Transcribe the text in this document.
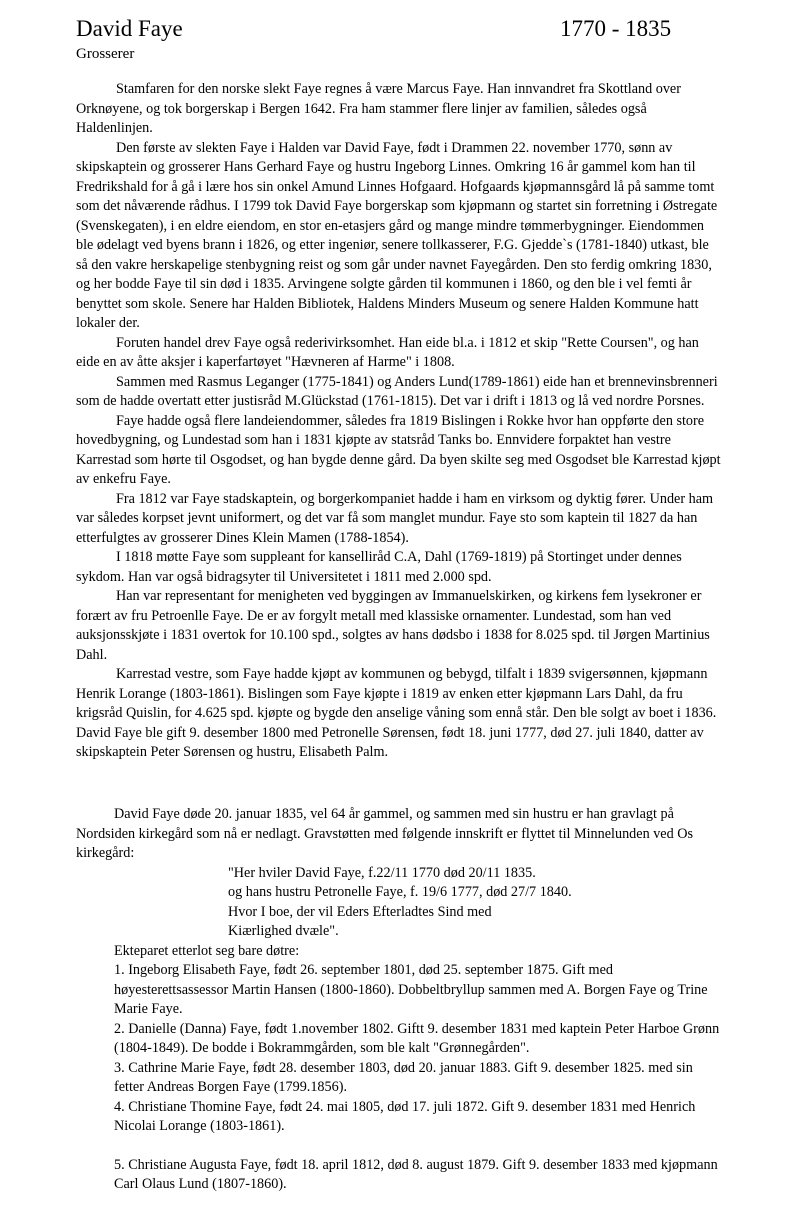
David Faye	1770 - 1835
Grosserer

Stamfaren for den norske slekt Faye regnes å være Marcus Faye. Han innvandret fra Skottland over Orknøyene, og tok borgerskap i Bergen 1642. Fra ham stammer flere linjer av familien, således også Haldenlinjen.

Den første av slekten Faye i Halden var David Faye, født i Drammen 22. november 1770, sønn av skipskaptein og grosserer Hans Gerhard Faye og hustru Ingeborg Linnes. Omkring 16 år gammel kom han til Fredrikshald for å gå i lære hos sin onkel Amund Linnes Hofgaard. Hofgaards kjøpmannsgård lå på samme tomt som det nåværende rådhus. I 1799 tok David Faye borgerskap som kjøpmann og startet sin forretning i Østregate (Svenskegaten), i en eldre eiendom, en stor en-etasjers gård og mange mindre tømmerbygninger. Eiendommen ble ødelagt ved byens brann i 1826, og etter ingeniør, senere tollkasserer, F.G. Gjedde`s (1781-1840) utkast, ble så den vakre herskapelige stenbygning reist og som går under navnet Fayegården. Den sto ferdig omkring 1830, og her bodde Faye til sin død i 1835. Arvingene solgte gården til kommunen i 1860, og den ble i vel femti år benyttet som skole. Senere har Halden Bibliotek, Haldens Minders Museum og senere Halden Kommune hatt lokaler der.

Foruten handel drev Faye også rederivirksomhet. Han eide bl.a. i 1812 et skip "Rette Coursen", og han eide en av åtte aksjer i kaperfartøyet "Hævneren af Harme" i 1808.

Sammen med Rasmus Leganger (1775-1841) og Anders Lund(1789-1861) eide han et brennevinsbrenneri som de hadde overtatt etter justisråd M.Glückstad (1761-1815). Det var i drift i 1813 og lå ved nordre Porsnes.

Faye hadde også flere landeiendommer, således fra 1819 Bislingen i Rokke hvor han oppførte den store hovedbygning, og Lundestad som han i 1831 kjøpte av statsråd Tanks bo. Ennvidere forpaktet han vestre Karrestad som hørte til Osgodset, og han bygde denne gård. Da byen skilte seg med Osgodset ble Karrestad kjøpt av enkefru Faye.

Fra 1812 var Faye stadskaptein, og borgerkompaniet hadde i ham en virksom og dyktig fører. Under ham var således korpset jevnt uniformert, og det var få som manglet mundur. Faye sto som kaptein til 1827 da han etterfulgtes av grosserer Dines Klein Mamen (1788-1854).

I 1818 møtte Faye som suppleant for kanselliråd C.A, Dahl (1769-1819) på Stortinget under dennes sykdom. Han var også bidragsyter til Universitetet i 1811 med 2.000 spd.

Han var representant for menigheten ved byggingen av Immanuelskirken, og kirkens fem lysekroner er forært av fru Petroenlle Faye. De er av forgylt metall med klassiske ornamenter. Lundestad, som han ved auksjonsskjøte i 1831 overtok for 10.100 spd., solgtes av hans dødsbo i 1838 for 8.025 spd. til Jørgen Martinius Dahl.

Karrestad vestre, som Faye hadde kjøpt av kommunen og bebygd, tilfalt i 1839 svigersønnen, kjøpmann Henrik Lorange (1803-1861). Bislingen som Faye kjøpte i 1819 av enken etter kjøpmann Lars Dahl, da fru krigsråd Quislin, for 4.625 spd. kjøpte og bygde den anselige våning som ennå står. Den ble solgt av boet i 1836. David Faye ble gift 9. desember 1800 med Petronelle Sørensen, født 18. juni 1777, død 27. juli 1840, datter av skipskaptein Peter Sørensen og hustru, Elisabeth Palm.

David Faye døde 20. januar 1835, vel 64 år gammel, og sammen med sin hustru er han gravlagt på Nordsiden kirkegård som nå er nedlagt. Gravstøtten med følgende innskrift er flyttet til Minnelunden ved Os kirkegård:

"Her hviler David Faye, f.22/11 1770 død 20/11 1835.
og hans hustru Petronelle Faye, f. 19/6 1777, død 27/7 1840.
Hvor I boe, der vil Eders Efterladtes Sind med
Kiærlighed dvæle".

Ekteparet etterlot seg bare døtre:

1. Ingeborg Elisabeth Faye, født 26. september 1801, død 25. september 1875. Gift med høyesterettsassessor Martin Hansen (1800-1860). Dobbeltbryllup sammen med A. Borgen Faye og Trine Marie Faye.

2. Danielle (Danna) Faye, født 1.november 1802. Giftt 9. desember 1831 med kaptein Peter Harboe Grønn (1804-1849). De bodde i Bokrammgården, som ble kalt "Grønnegården".

3. Cathrine Marie Faye, født 28. desember 1803, død 20. januar 1883. Gift 9. desember 1825. med sin fetter Andreas Borgen Faye (1799.1856).

4. Christiane Thomine Faye, født 24. mai 1805, død 17. juli 1872. Gift 9. desember 1831 med Henrich Nicolai Lorange (1803-1861).

5. Christiane Augusta Faye, født 18. april 1812, død 8. august 1879. Gift 9. desember 1833 med kjøpmann Carl Olaus Lund (1807-1860).
